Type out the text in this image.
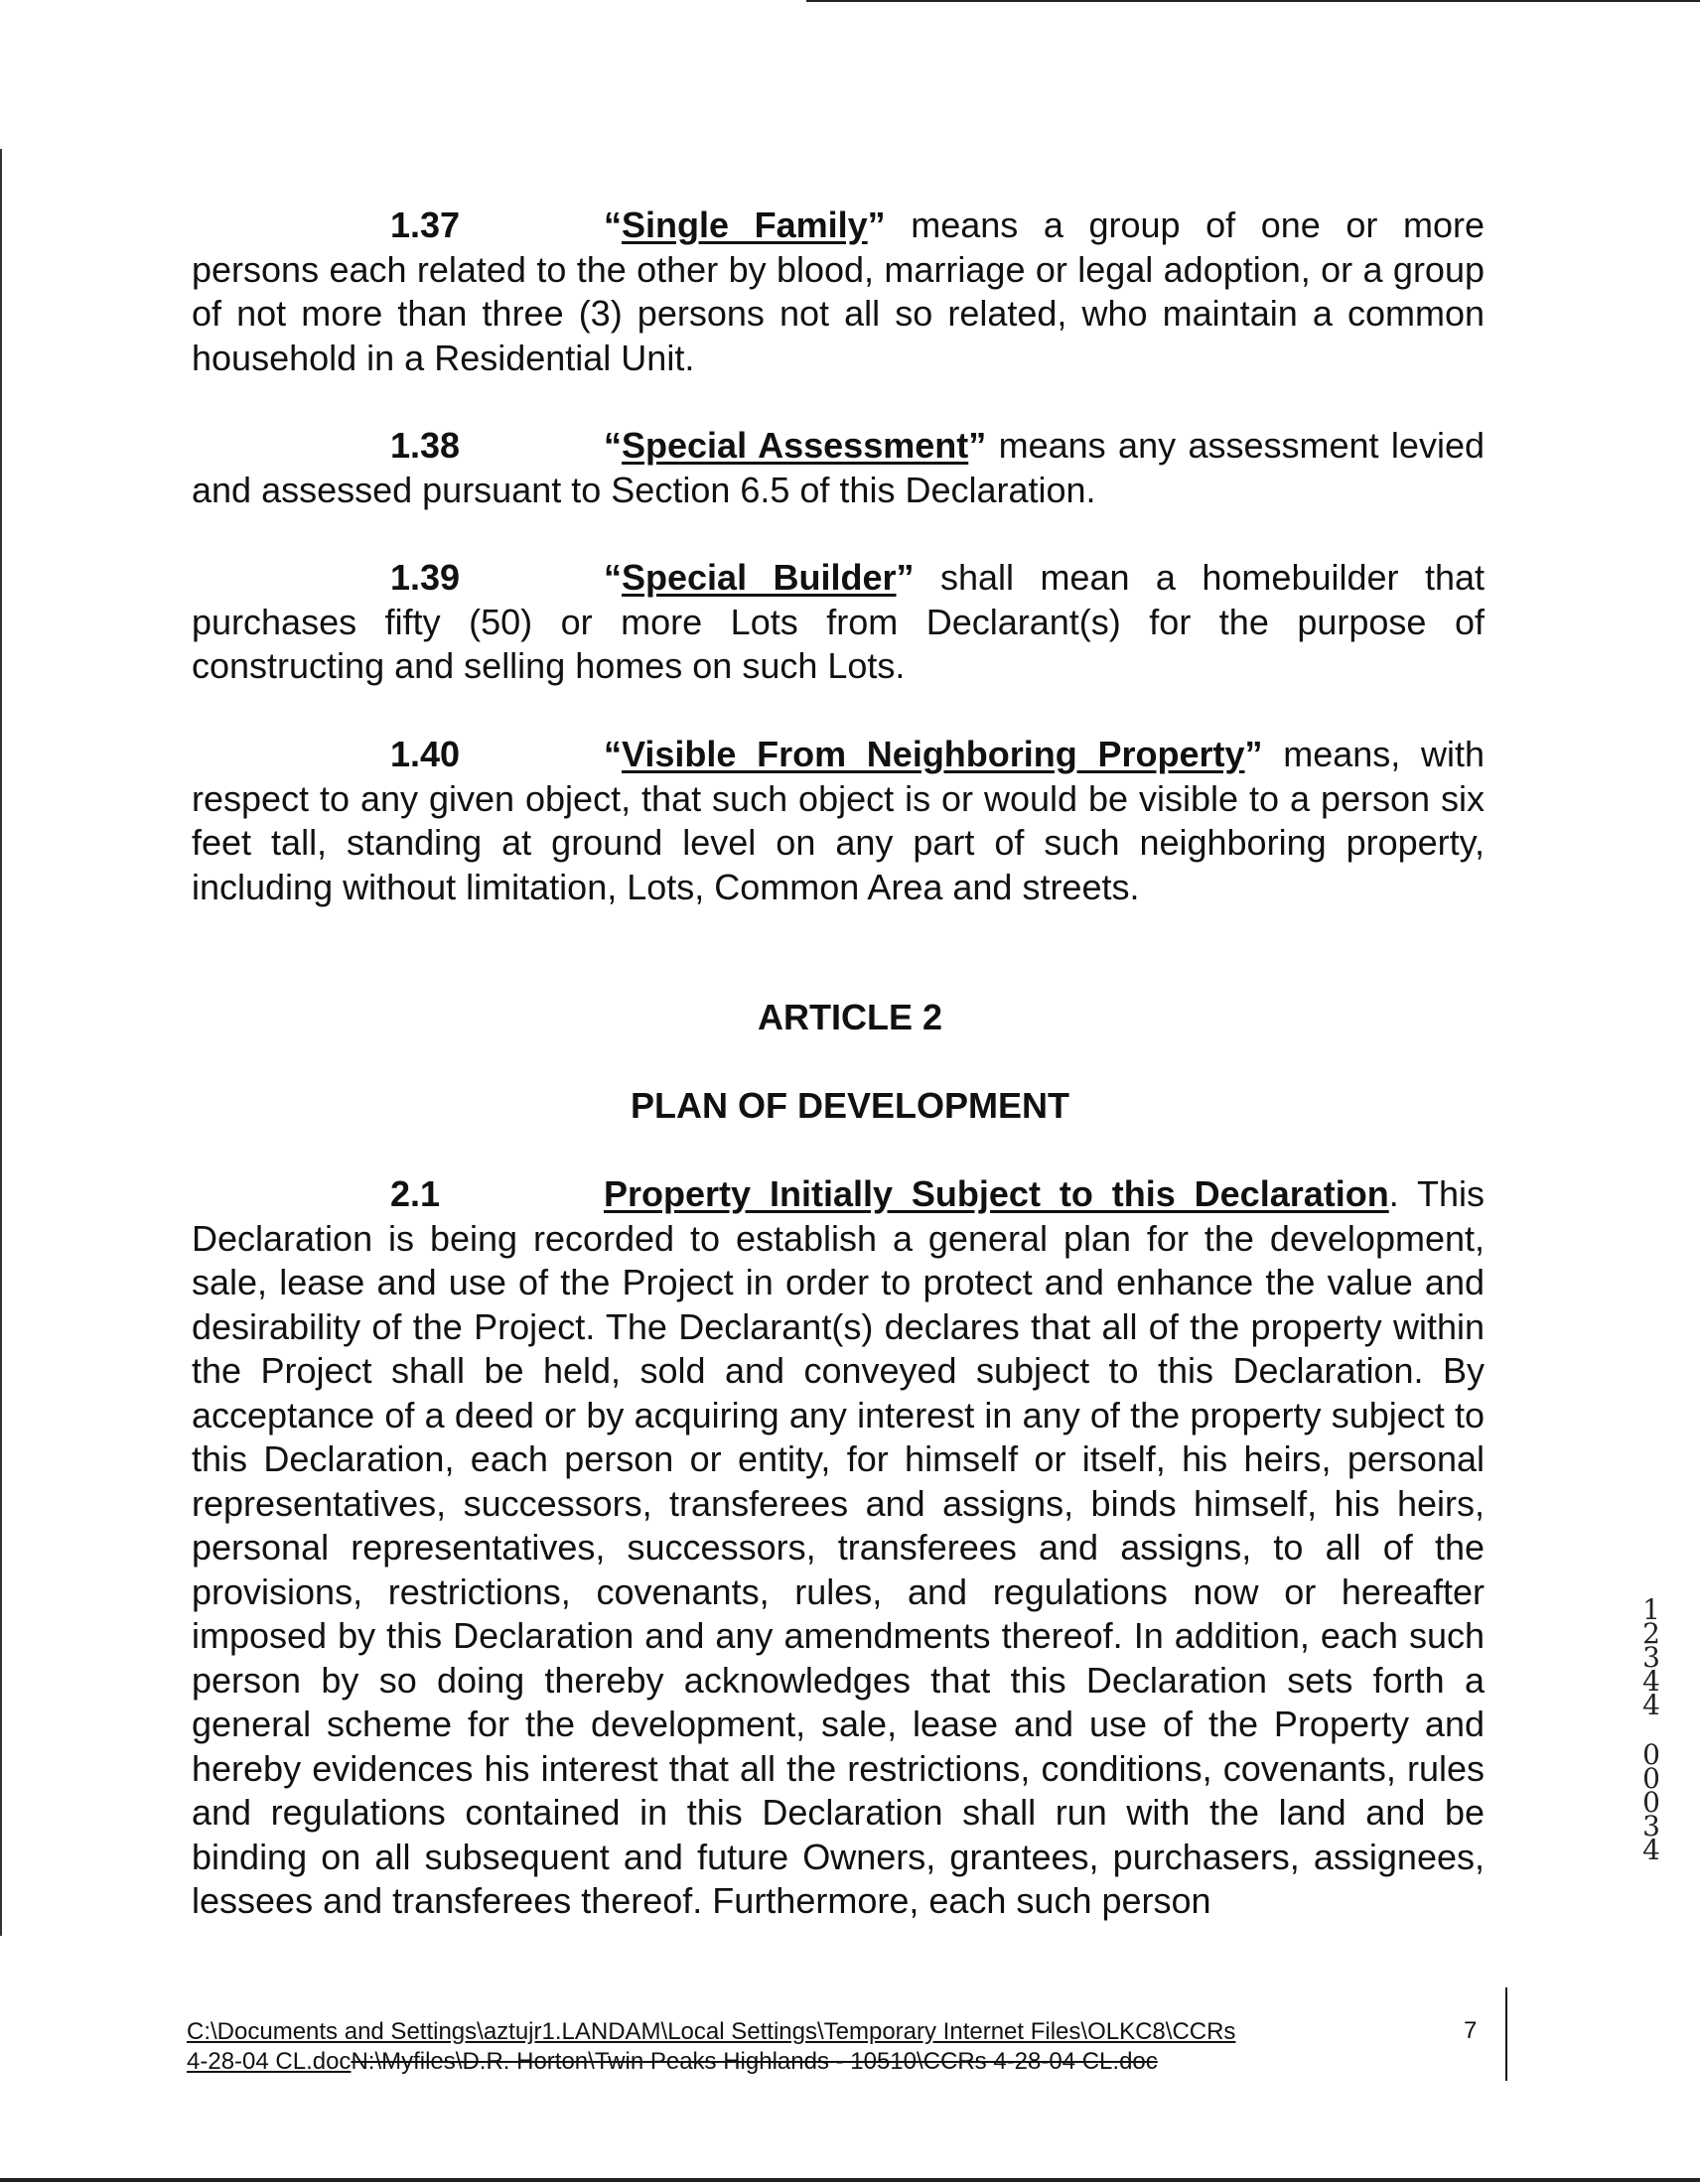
1.37	“Single Family” means a group of one or more persons each related to the other by blood, marriage or legal adoption, or a group of not more than three (3) persons not all so related, who maintain a common household in a Residential Unit.

1.38	“Special Assessment” means any assessment levied and assessed pursuant to Section 6.5 of this Declaration.

1.39	“Special Builder” shall mean a homebuilder that purchases fifty (50) or more Lots from Declarant(s) for the purpose of constructing and selling homes on such Lots.

1.40	“Visible From Neighboring Property” means, with respect to any given object, that such object is or would be visible to a person six feet tall, standing at ground level on any part of such neighboring property, including without limitation, Lots, Common Area and streets.

ARTICLE 2
PLAN OF DEVELOPMENT

2.1	Property Initially Subject to this Declaration. This Declaration is being recorded to establish a general plan for the development, sale, lease and use of the Project in order to protect and enhance the value and desirability of the Project. The Declarant(s) declares that all of the property within the Project shall be held, sold and conveyed subject to this Declaration. By acceptance of a deed or by acquiring any interest in any of the property subject to this Declaration, each person or entity, for himself or itself, his heirs, personal representatives, successors, transferees and assigns, binds himself, his heirs, personal representatives, successors, transferees and assigns, to all of the provisions, restrictions, covenants, rules, and regulations now or hereafter imposed by this Declaration and any amendments thereof. In addition, each such person by so doing thereby acknowledges that this Declaration sets forth a general scheme for the development, sale, lease and use of the Property and hereby evidences his interest that all the restrictions, conditions, covenants, rules and regulations contained in this Declaration shall run with the land and be binding on all subsequent and future Owners, grantees, purchasers, assignees, lessees and transferees thereof. Furthermore, each such person

1
2
3
4
4
0
0
0
3
4
C:\Documents and Settings\aztujr1.LANDAM\Local Settings\Temporary Internet Files\OLKC8\CCRs
4-28-04 CL.docN:\Myfiles\D.R. Horton\Twin Peaks Highlands - 10510\CCRs 4-28-04 CL.doc
7
